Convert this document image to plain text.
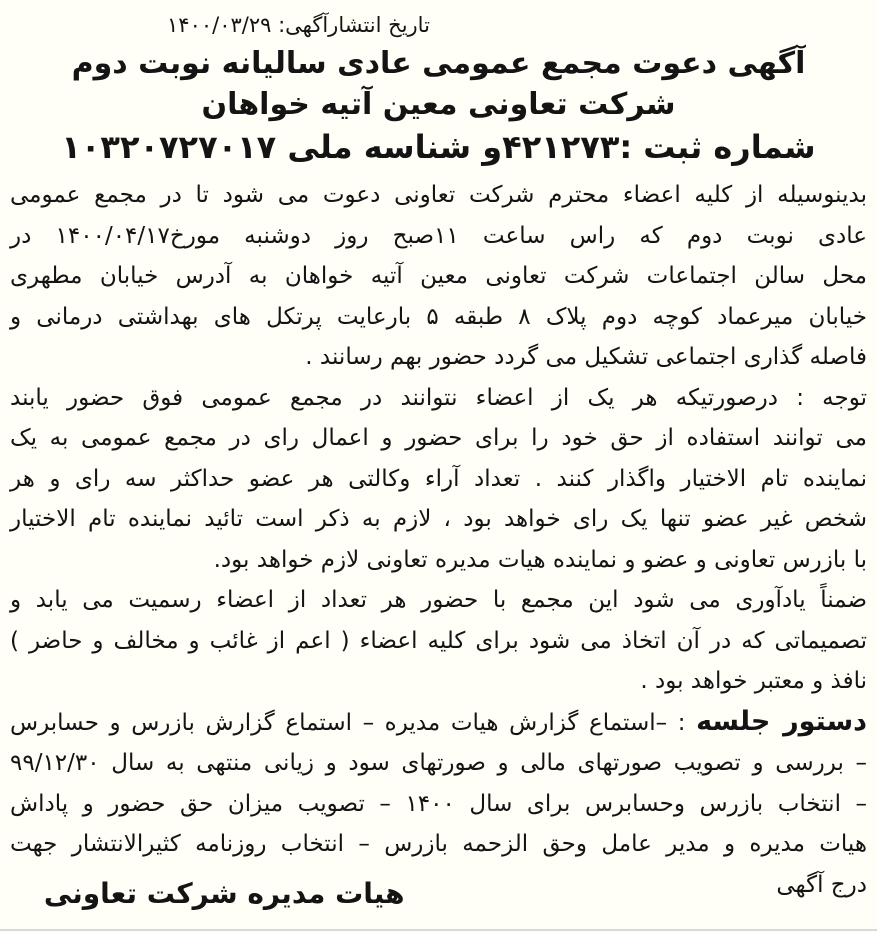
تاریخ انتشارآگهی: ۱۴۰۰/۰۳/۲۹
آگهی دعوت مجمع عمومی عادی سالیانه نوبت دوم
شرکت تعاونی معین آتیه خواهان
شماره ثبت :۴۲۱۲۷۳و شناسه ملی ۱۰۳۲۰۷۲۷۰۱۷
بدینوسیله از کلیه اعضاء محترم شرکت تعاونی دعوت می شود تا در مجمع عمومی
عادی نوبت دوم که راس ساعت ۱۱صبح روز دوشنبه مورخ۱۴۰۰/۰۴/۱۷ در
محل سالن اجتماعات شرکت تعاونی معین آتیه خواهان به آدرس خیابان مطهری
خیابان میرعماد کوچه دوم پلاک ۸ طبقه ۵ بارعایت پرتکل های بهداشتی درمانی و
فاصله گذاری اجتماعی تشکیل می گردد حضور بهم رسانند .
توجه : درصورتیکه هر یک از اعضاء نتوانند در مجمع عمومی فوق حضور یابند
می توانند استفاده از حق خود را برای حضور و اعمال رای در مجمع عمومی به یک
نماینده تام الاختیار واگذار کنند . تعداد آراء وکالتی هر عضو حداکثر سه رای و هر
شخص غیر عضو تنها یک رای خواهد بود ، لازم به ذکر است تائید نماینده تام الاختیار
با بازرس تعاونی و عضو و نماینده هیات مدیره تعاونی لازم خواهد بود.
ضمناً یادآوری می شود این مجمع با حضور هر تعداد از اعضاء رسمیت می یابد و
تصمیماتی که در آن اتخاذ می شود برای کلیه اعضاء ( اعم از غائب و مخالف و حاضر )
نافذ و معتبر خواهد بود .
دستور جلسه : –استماع گزارش هیات مدیره – استماع گزارش بازرس و حسابرس
– بررسی و تصویب صورتهای مالی و صورتهای سود و زیانی منتهی به سال ۹۹/۱۲/۳۰
– انتخاب بازرس وحسابرس برای سال ۱۴۰۰ – تصویب میزان حق حضور و پاداش
هیات مدیره و مدیر عامل وحق الزحمه بازرس – انتخاب روزنامه کثیرالانتشار جهت
درج آگهی
هیات مدیره شرکت تعاونی
